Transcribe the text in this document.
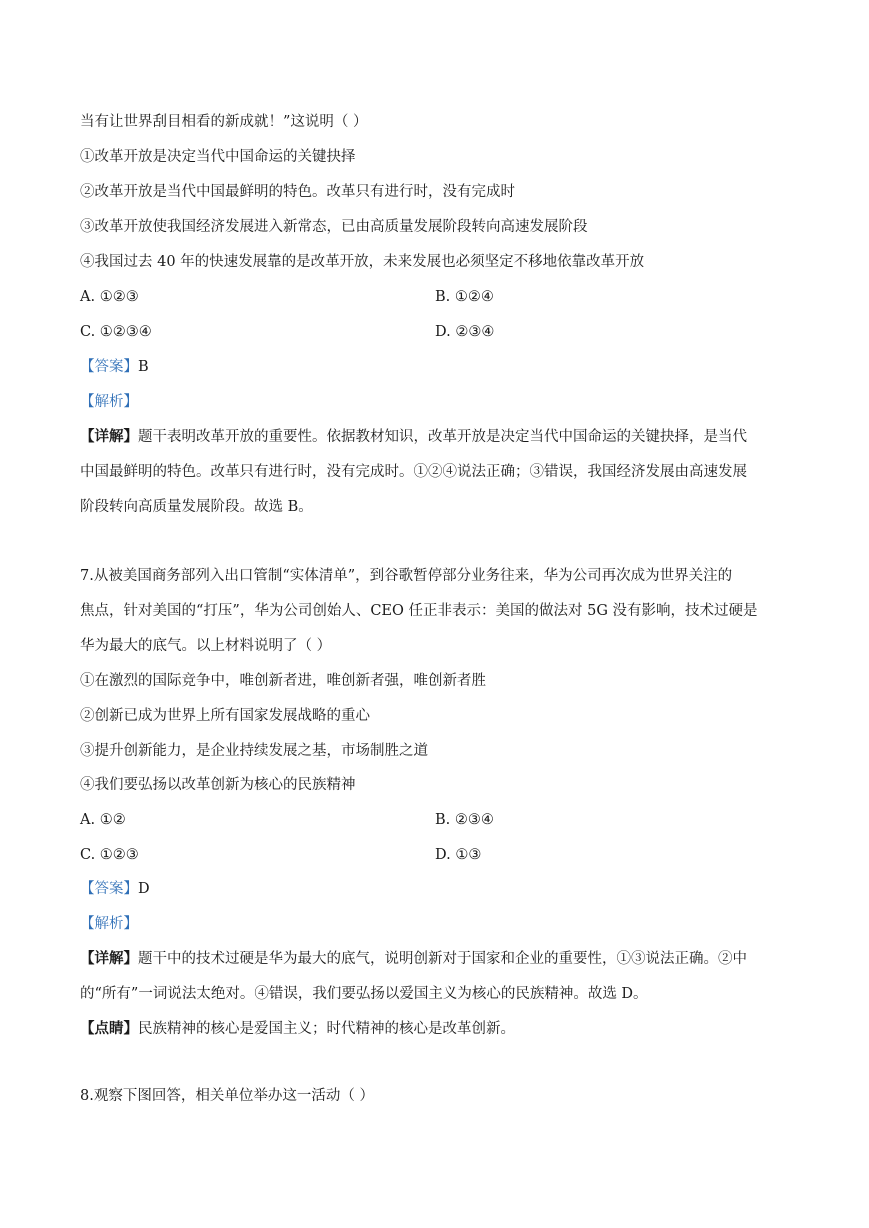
当有让世界刮目相看的新成就！”这说明（ ）
①改革开放是决定当代中国命运的关键抉择
②改革开放是当代中国最鲜明的特色。改革只有进行时，没有完成时
③改革开放使我国经济发展进入新常态，已由高质量发展阶段转向高速发展阶段
④我国过去 40 年的快速发展靠的是改革开放，未来发展也必须坚定不移地依靠改革开放
A. ①②③	B. ①②④
C. ①②③④	D. ②③④
【答案】B
【解析】
【详解】题干表明改革开放的重要性。依据教材知识，改革开放是决定当代中国命运的关键抉择，是当代
中国最鲜明的特色。改革只有进行时，没有完成时。①②④说法正确；③错误，我国经济发展由高速发展
阶段转向高质量发展阶段。故选 B。
7.从被美国商务部列入出口管制“实体清单”，到谷歌暂停部分业务往来，华为公司再次成为世界关注的
焦点，针对美国的“打压”，华为公司创始人、CEO 任正非表示：美国的做法对 5G 没有影响，技术过硬是
华为最大的底气。以上材料说明了（ ）
①在激烈的国际竞争中，唯创新者进，唯创新者强，唯创新者胜
②创新已成为世界上所有国家发展战略的重心
③提升创新能力，是企业持续发展之基，市场制胜之道
④我们要弘扬以改革创新为核心的民族精神
A. ①②	B. ②③④
C. ①②③	D. ①③
【答案】D
【解析】
【详解】题干中的技术过硬是华为最大的底气，说明创新对于国家和企业的重要性，①③说法正确。②中
的“所有”一词说法太绝对。④错误，我们要弘扬以爱国主义为核心的民族精神。故选 D。
【点睛】民族精神的核心是爱国主义；时代精神的核心是改革创新。
8.观察下图回答，相关单位举办这一活动（ ）
